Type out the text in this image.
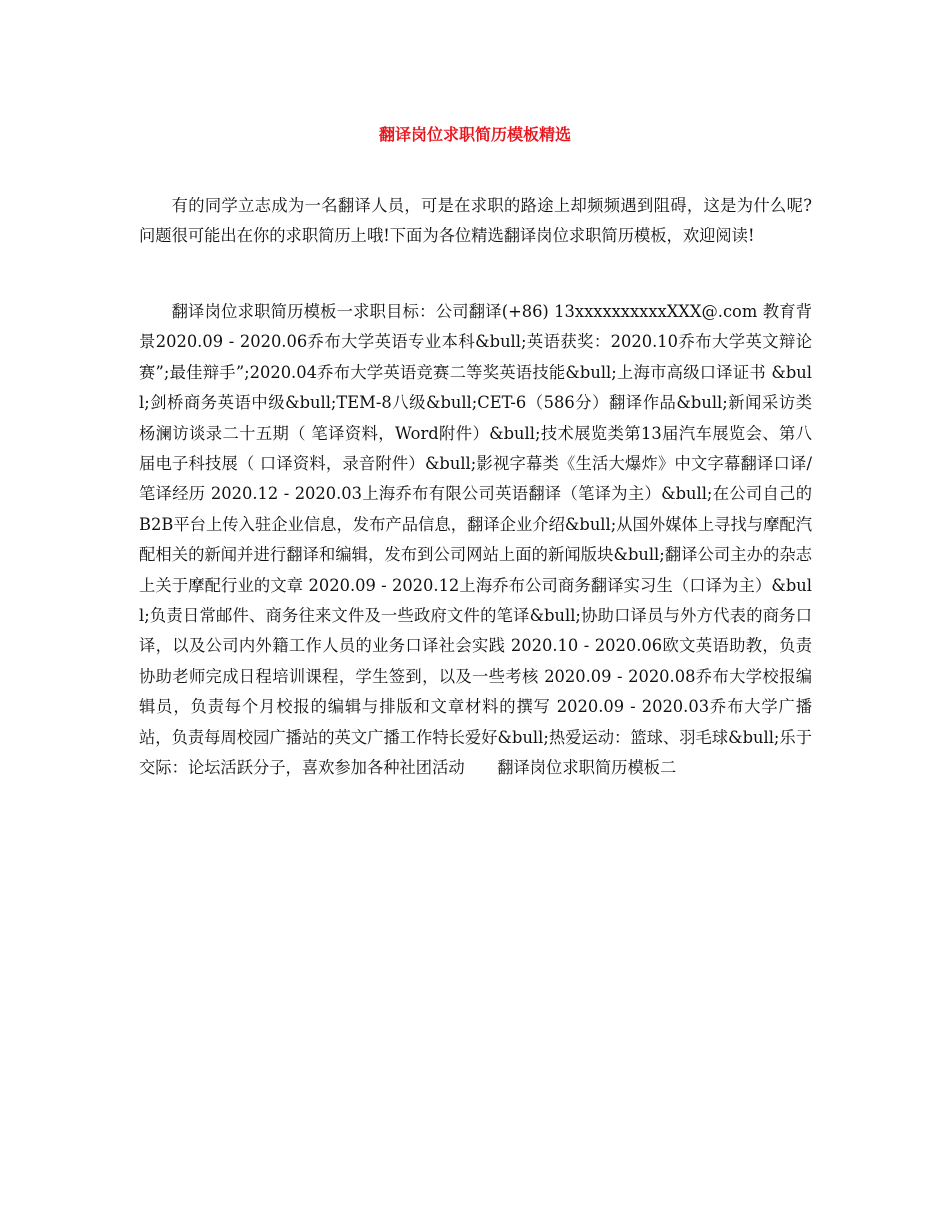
翻译岗位求职简历模板精选

有的同学立志成为一名翻译人员，可是在求职的路途上却频频遇到阻碍，这是为什么呢?问题很可能出在你的求职简历上哦!下面为各位精选翻译岗位求职简历模板，欢迎阅读!

翻译岗位求职简历模板一求职目标：公司翻译(+86) 13xxxxxxxxxxXXX@.com 教育背景2020.09 - 2020.06乔布大学英语专业本科&bull;英语获奖：2020.10乔布大学英文辩论赛”;最佳辩手”;2020.04乔布大学英语竞赛二等奖英语技能&bull;上海市高级口译证书 &bull;剑桥商务英语中级&bull;TEM-8八级&bull;CET-6（586分）翻译作品&bull;新闻采访类杨澜访谈录二十五期（ 笔译资料，Word附件）&bull;技术展览类第13届汽车展览会、第八届电子科技展（ 口译资料，录音附件）&bull;影视字幕类《生活大爆炸》中文字幕翻译口译/笔译经历 2020.12 - 2020.03上海乔布有限公司英语翻译（笔译为主）&bull;在公司自己的B2B平台上传入驻企业信息，发布产品信息，翻译企业介绍&bull;从国外媒体上寻找与摩配汽配相关的新闻并进行翻译和编辑，发布到公司网站上面的新闻版块&bull;翻译公司主办的杂志上关于摩配行业的文章 2020.09 - 2020.12上海乔布公司商务翻译实习生（口译为主）&bull;负责日常邮件、商务往来文件及一些政府文件的笔译&bull;协助口译员与外方代表的商务口译，以及公司内外籍工作人员的业务口译社会实践 2020.10 - 2020.06欧文英语助教，负责协助老师完成日程培训课程，学生签到，以及一些考核 2020.09 - 2020.08乔布大学校报编辑员，负责每个月校报的编辑与排版和文章材料的撰写 2020.09 - 2020.03乔布大学广播站，负责每周校园广播站的英文广播工作特长爱好&bull;热爱运动：篮球、羽毛球&bull;乐于交际：论坛活跃分子，喜欢参加各种社团活动　　翻译岗位求职简历模板二
